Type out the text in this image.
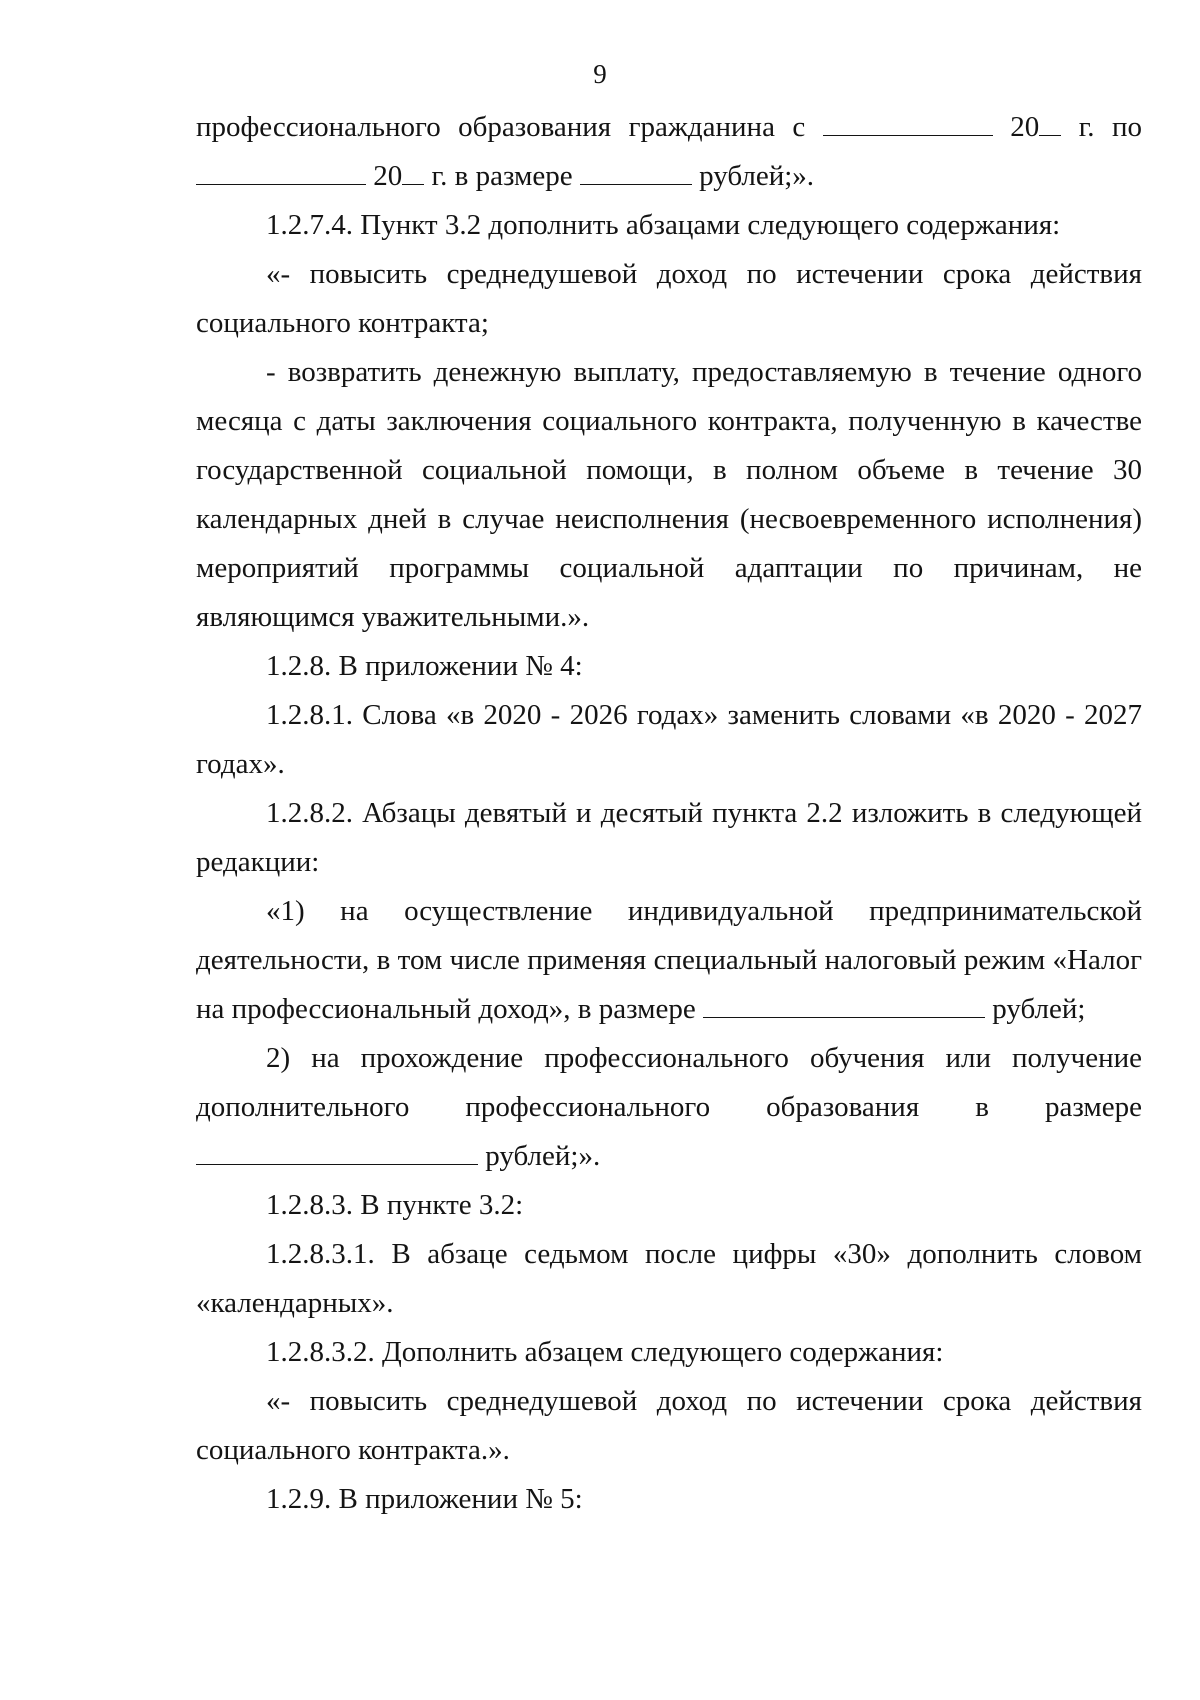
9

профессионального образования гражданина с	20 г. по

20 г. в размере	рублей;».

1.2.7.4. Пункт 3.2 дополнить абзацами следующего содержания:

«- повысить среднедушевой доход по истечении срока действия социального контракта;

- возвратить денежную выплату, предоставляемую в течение одного месяца с даты заключения социального контракта, полученную в качестве государственной социальной помощи, в полном объеме в течение 30 календарных дней в случае неисполнения (несвоевременного исполнения) мероприятий программы социальной адаптации по причинам, не являющимся уважительными.».

1.2.8. В приложении № 4:

1.2.8.1. Слова «в 2020 - 2026 годах» заменить словами «в 2020 - 2027 годах».

1.2.8.2. Абзацы девятый и десятый пункта 2.2 изложить в следующей редакции:

«1) на осуществление индивидуальной предпринимательской деятельности, в том числе применяя специальный налоговый режим «Налог на профессиональный доход», в размере	рублей;

2) на прохождение профессионального обучения или получение дополнительного профессионального образования в размере  рублей;».

1.2.8.3. В пункте 3.2:

1.2.8.3.1. В абзаце седьмом после цифры «30» дополнить словом «календарных».

1.2.8.3.2. Дополнить абзацем следующего содержания:

«- повысить среднедушевой доход по истечении срока действия социального контракта.».

1.2.9. В приложении № 5:
